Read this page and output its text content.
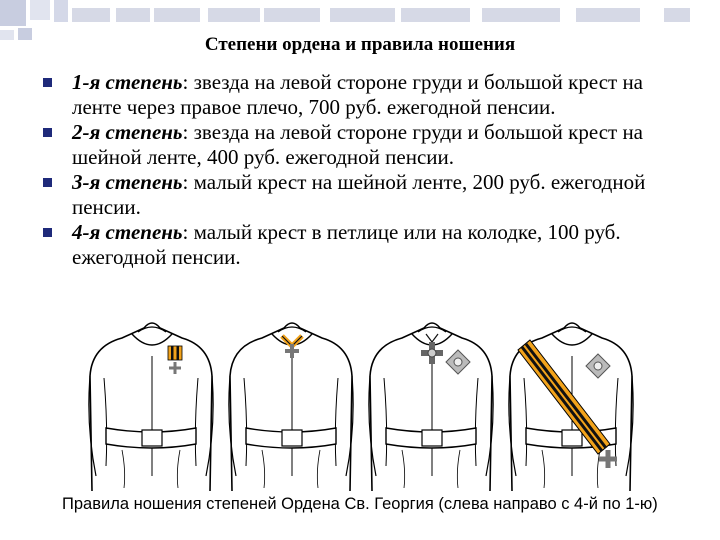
Степени ордена и правила ношения
1-я степень: звезда на левой стороне груди и большой крест на ленте через правое плечо, 700 руб. ежегодной пенсии.
2-я степень: звезда на левой стороне груди и большой крест на шейной ленте, 400 руб. ежегодной пенсии.
3-я степень: малый крест на шейной ленте, 200 руб. ежегодной пенсии.
4-я степень: малый крест в петлице или на колодке, 100 руб. ежегодной пенсии.
Правила ношения степеней Ордена Св. Георгия (слева направо с 4-й по 1-ю)
